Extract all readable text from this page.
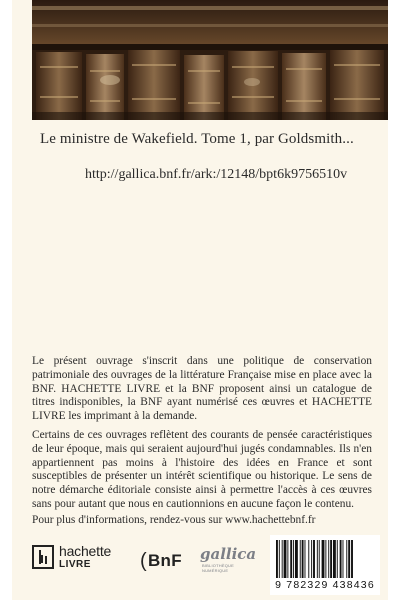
Le ministre de Wakefield. Tome 1, par Goldsmith...
http://gallica.bnf.fr/ark:/12148/bpt6k9756510v
Le présent ouvrage s'inscrit dans une politique de conservation patrimoniale des ouvrages de la littérature Française mise en place avec la BNF. HACHETTE LIVRE et la BNF proposent ainsi un catalogue de titres indisponibles, la BNF ayant numérisé ces œuvres et HACHETTE LIVRE les imprimant à la demande.
Certains de ces ouvrages reflètent des courants de pensée caractéristiques de leur époque, mais qui seraient aujourd'hui jugés condamnables. Ils n'en appartiennent pas moins à l'histoire des idées en France et sont susceptibles de présenter un intérêt scientifique ou historique. Le sens de notre démarche éditoriale consiste ainsi à permettre l'accès à ces œuvres sans pour autant que nous en cautionnions en aucune façon le contenu.
Pour plus d'informations, rendez-vous sur www.hachettebnf.fr
hachette
LIVRE (BnF gallica
BIBLIOTHÈQUE NUMÉRIQUE
9 782329 438436
